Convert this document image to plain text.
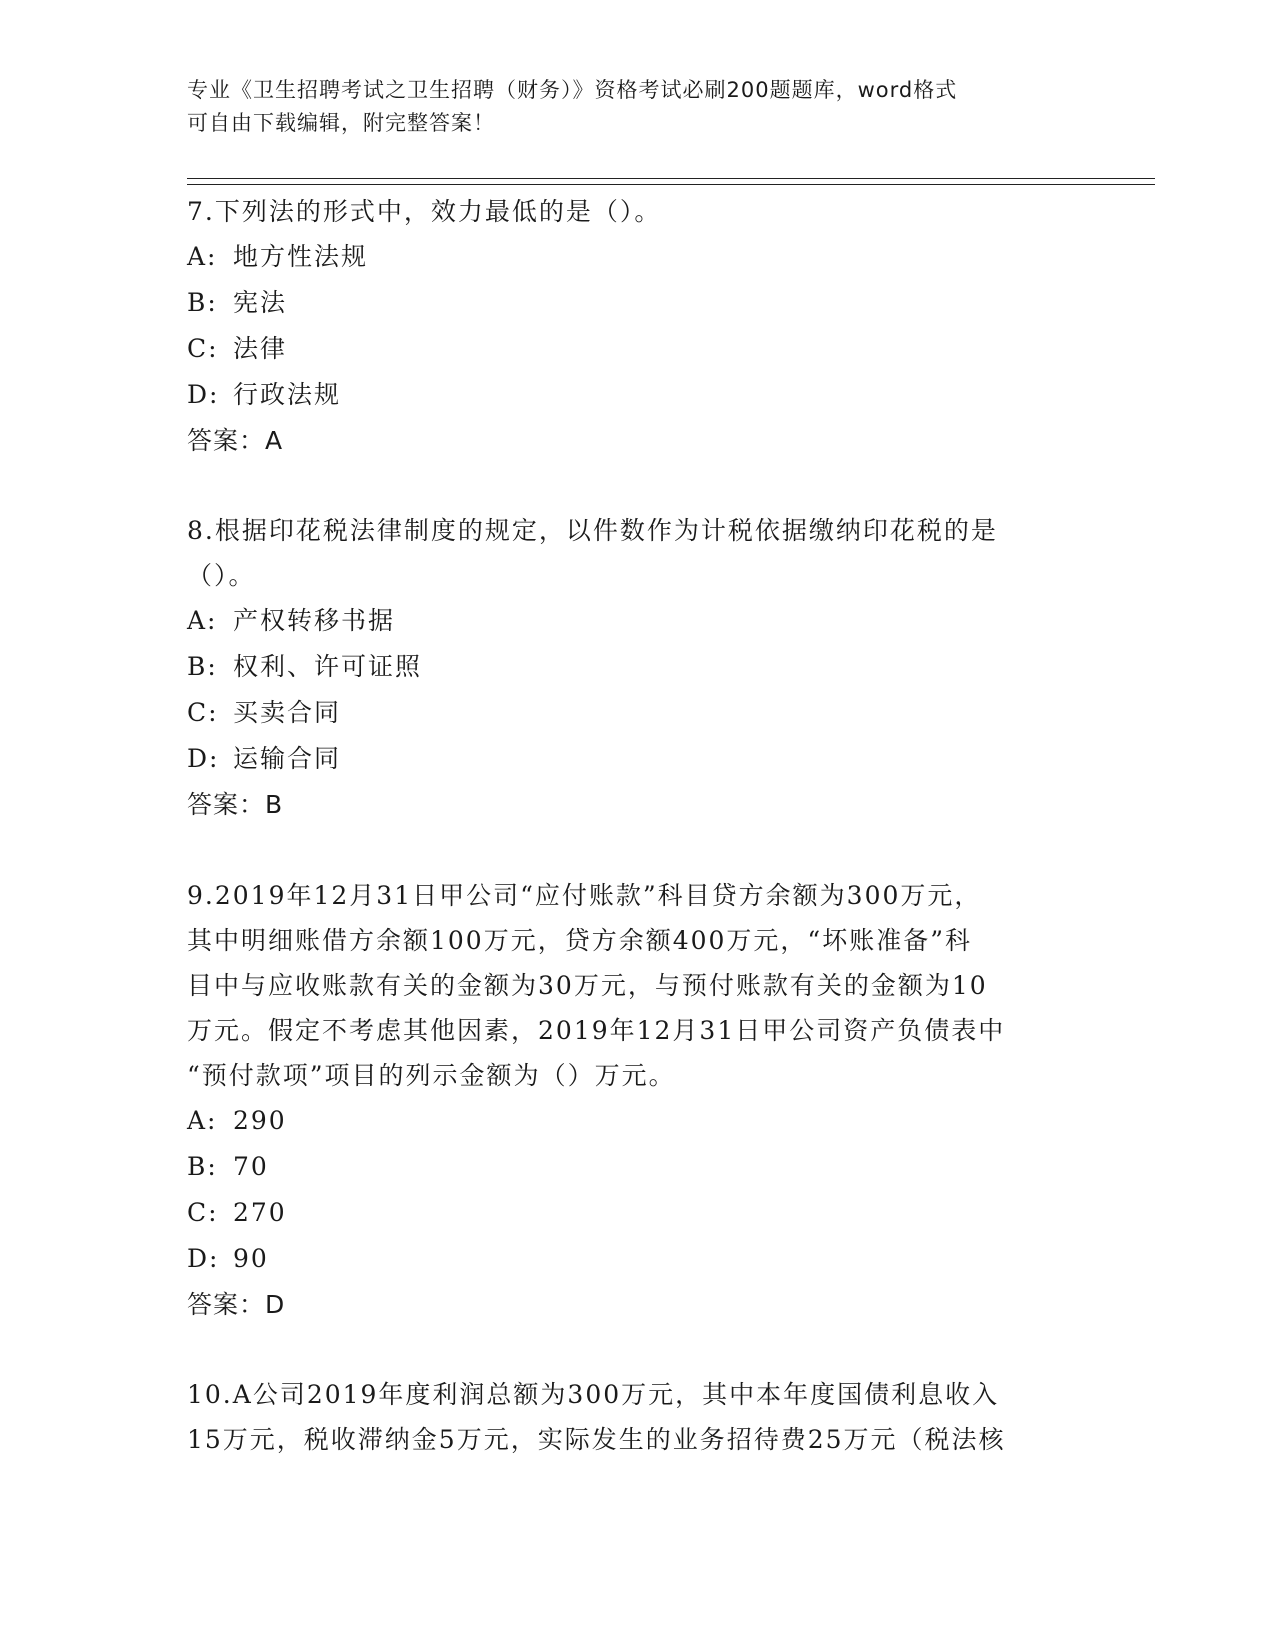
专业《卫生招聘考试之卫生招聘（财务）》资格考试必刷200题题库，word格式
可自由下载编辑，附完整答案！
7.下列法的形式中，效力最低的是（）。
A: 地方性法规
B: 宪法
C: 法律
D: 行政法规
答案：A
8.根据印花税法律制度的规定，以件数作为计税依据缴纳印花税的是
（）。
A: 产权转移书据
B: 权利、许可证照
C: 买卖合同
D: 运输合同
答案：B
9.2019年12月31日甲公司“应付账款”科目贷方余额为300万元，
其中明细账借方余额100万元，贷方余额400万元，“坏账准备”科
目中与应收账款有关的金额为30万元，与预付账款有关的金额为10
万元。假定不考虑其他因素，2019年12月31日甲公司资产负债表中
“预付款项”项目的列示金额为（）万元。
A: 290
B: 70
C: 270
D: 90
答案：D
10.A公司2019年度利润总额为300万元，其中本年度国债利息收入
15万元，税收滞纳金5万元，实际发生的业务招待费25万元（税法核
